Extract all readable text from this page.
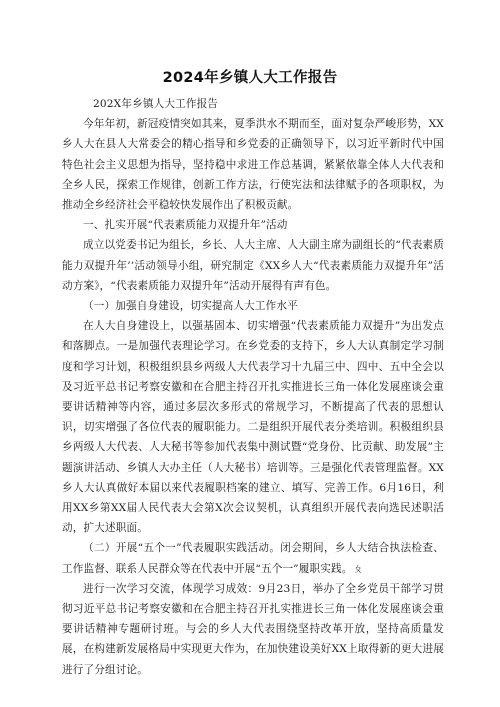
2024年乡镇人大工作报告

202X年乡镇人大工作报告

今年年初，新冠疫情突如其来，夏季洪水不期而至，面对复杂严峻形势，XX乡人大在县人大常委会的精心指导和乡党委的正确领导下，以习近平新时代中国特色社会主义思想为指导，坚持稳中求进工作总基调，紧紧依靠全体人大代表和全乡人民，探索工作规律，创新工作方法，行使宪法和法律赋予的各项职权，为推动全乡经济社会平稳较快发展作出了积极贡献。

一、扎实开展“代表素质能力双提升年”活动

成立以党委书记为组长，乡长、人大主席、人大副主席为副组长的“代表素质能力双提升年’’活动领导小组，研究制定《XX乡人大“代表素质能力双提升年”活动方案》，“代表素质能力双提升年”活动开展得有声有色。

（一）加强自身建设，切实提高人大工作水平

在人大自身建设上，以强基固本、切实增强“代表素质能力双提升”为出发点和落脚点。一是加强代表理论学习。在乡党委的支持下，乡人大认真制定学习制度和学习计划，积极组织县乡两级人大代表学习十九届三中、四中、五中全会以及习近平总书记考察安徽和在合肥主持召开扎实推进长三角一体化发展座谈会重要讲话精神等内容，通过多层次多形式的常规学习，不断提高了代表的思想认识，切实增强了各位代表的履职能力。二是组织开展代表分类培训。积极组织县乡两级人大代表、人大秘书等参加代表集中测试暨“党身份、比贡献、助发展”主题演讲活动、乡镇人大办主任（人大秘书）培训等。三是强化代表管理监督。XX乡人大认真做好本届以来代表履职档案的建立、填写、完善工作。6月16日，利用XX乡第XX届人民代表大会第X次会议契机，认真组织开展代表向选民述职活动，扩大述职面。

（二）开展“五个一”代表履职实践活动。闭会期间，乡人大结合执法检查、工作监督、联系人民群众等在代表中开展“五个一”履职实践。ㄆ

进行一次学习交流，体现学习成效：9月23日，举办了全乡党员干部学习贯彻习近平总书记考察安徽和在合肥主持召开扎实推进长三角一体化发展座谈会重要讲话精神专题研讨班。与会的乡人大代表围绕坚持改革开放，坚持高质量发展，在构建新发展格局中实现更大作为，在加快建设美好XX上取得新的更大进展进行了分组讨论。
